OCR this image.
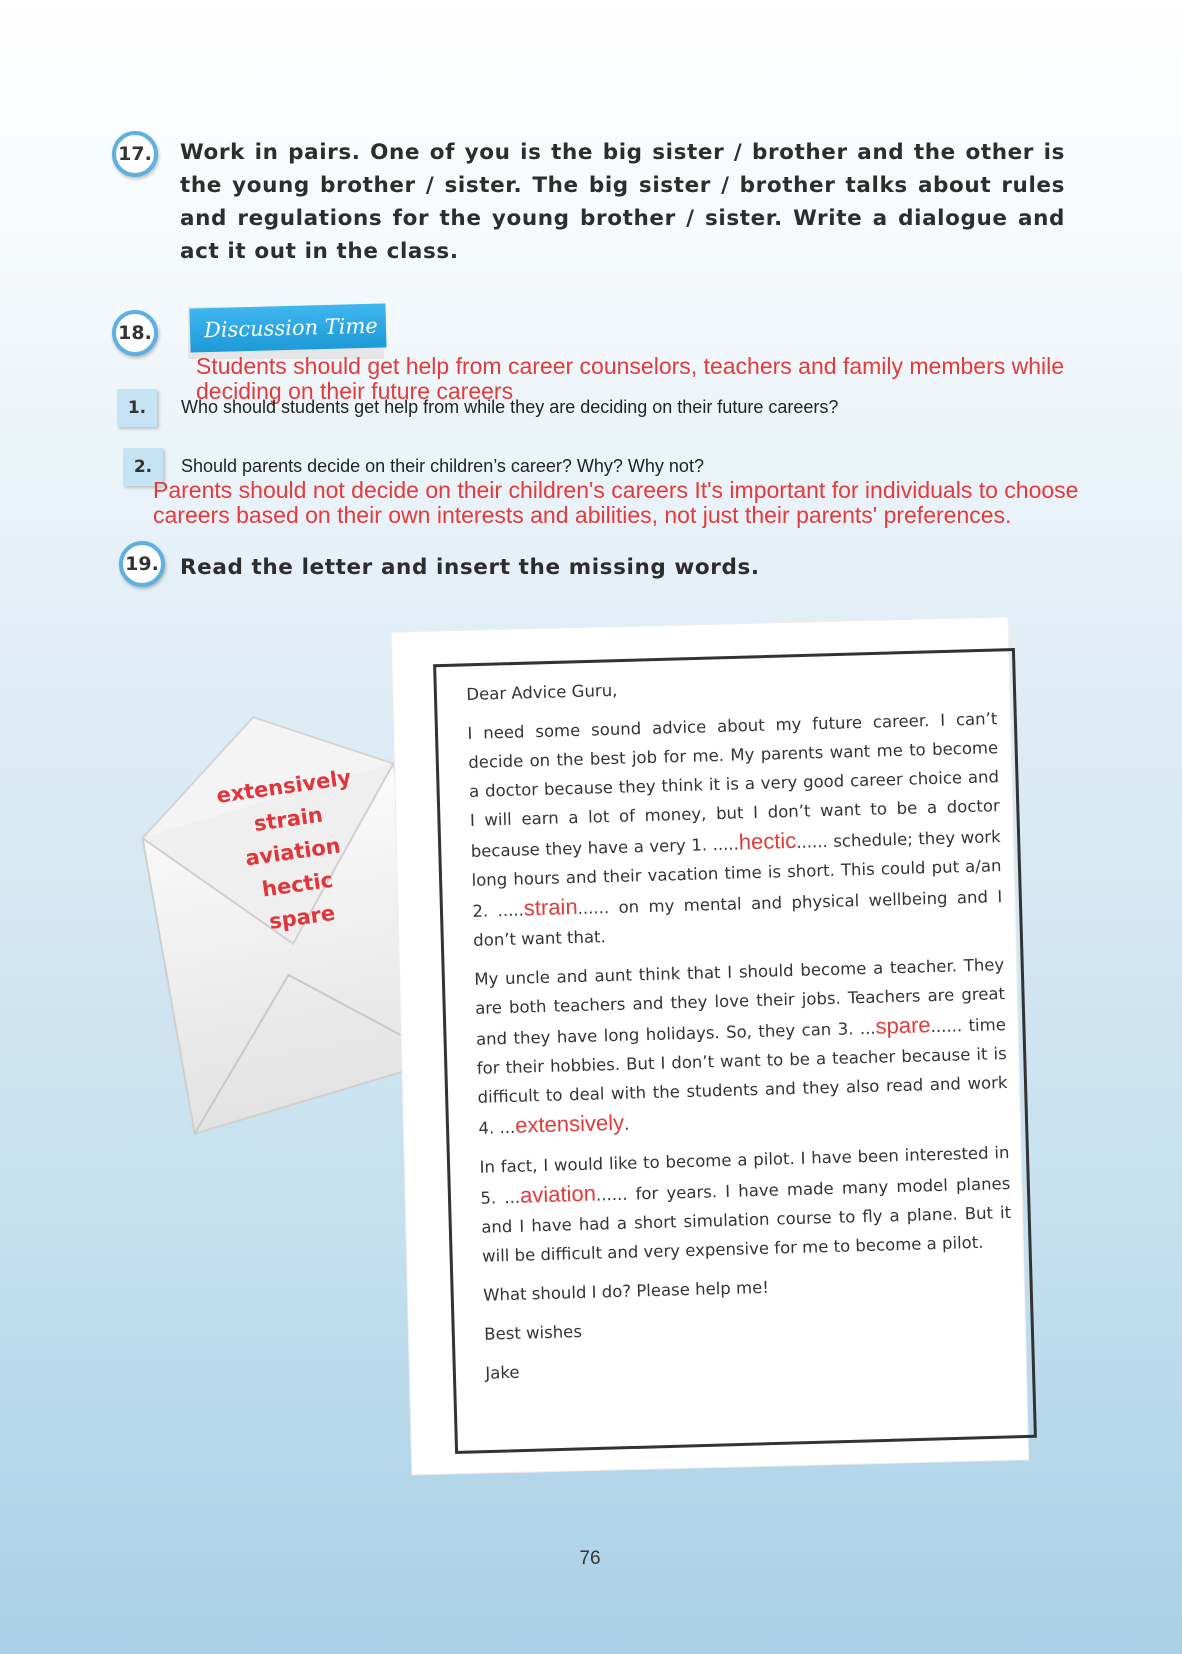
17. Work in pairs. One of you is the big sister / brother and the other is the young brother / sister. The big sister / brother talks about rules and regulations for the young brother / sister. Write a dialogue and act it out in the class.
18.	Discussion Time
Students should get help from career counselors, teachers and family members while
deciding on their future careers
1. Who should students get help from while they are deciding on their future careers?
2. Should parents decide on their children’s career? Why? Why not?
Parents should not decide on their children's careers It's important for individuals to choose
careers based on their own interests and abilities, not just their parents' preferences.
19. Read the letter and insert the missing words.
extensively
strain
aviation
hectic
spare

Dear Advice Guru,

I need some sound advice about my future career. I can’t decide on the best job for me. My parents want me to become a doctor because they think it is a very good career choice and I will earn a lot of money, but I don’t want to be a doctor because they have a very 1. .....hectic...... schedule; they work long hours and their vacation time is short. This could put a/an 2. .....strain...... on my mental and physical wellbeing and I don’t want that.

My uncle and aunt think that I should become a teacher. They are both teachers and they love their jobs. Teachers are great and they have long holidays. So, they can 3. ...spare...... time for their hobbies. But I don’t want to be a teacher because it is difficult to deal with the students and they also read and work 4. ...extensively.

In fact, I would like to become a pilot. I have been interested in 5. ...aviation...... for years. I have made many model planes and I have had a short simulation course to fly a plane. But it will be difficult and very expensive for me to become a pilot.

What should I do? Please help me!

Best wishes

Jake

76
